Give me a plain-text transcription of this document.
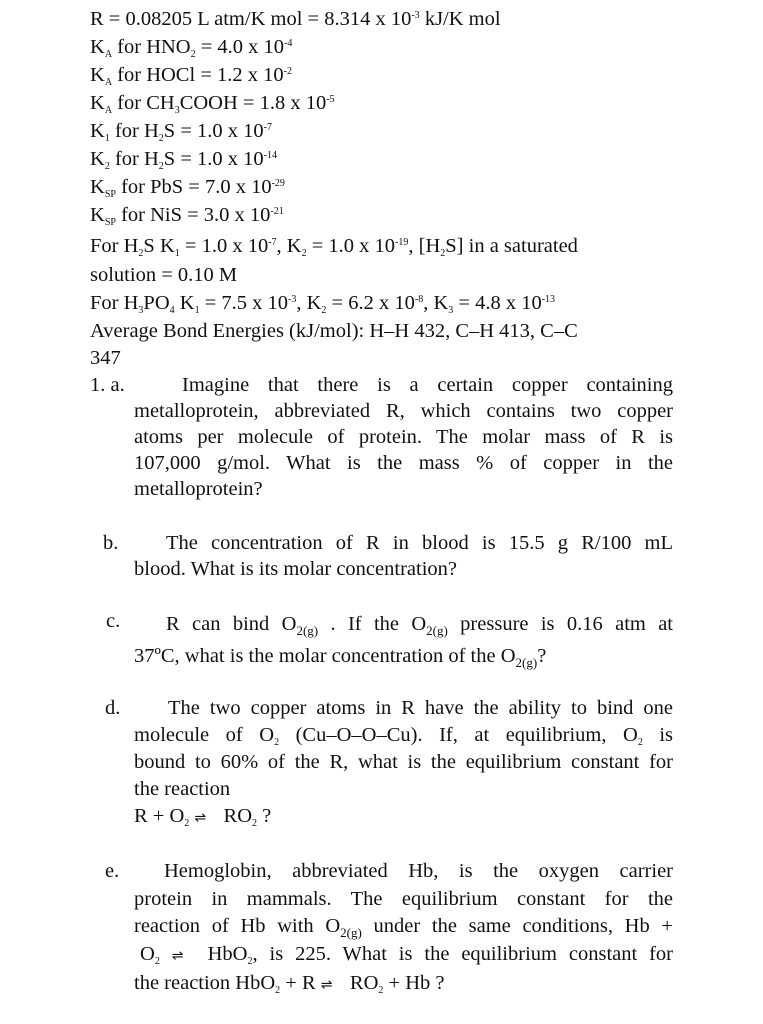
R = 0.08205 L atm/K mol = 8.314 x $10^{-3}$ kJ/K mol
$K_A$ for $HNO_2 = 4.0$ x $10^{-4}$
$K_A$ for HOCl = 1.2 x $10^{-2}$
$K_A$ for $CH_3COOH = 1.8$ x $10^{-5}$
$K_1$ for $H_2S = 1.0$ x $10^{-7}$
$K_2$ for $H_2S = 1.0$ x $10^{-14}$
$K_{SP}$ for PbS = 7.0 x $10^{-29}$
$K_{SP}$ for NiS = 3.0 x $10^{-21}$
For $H_2S$ $K_1 = 1.0$ x $10^{-7}$, $K_2 = 1.0$ x $10^{-19}$, $[H_2S]$ in a saturated
solution = 0.10 M
For $H_3PO_4$ $K_1 = 7.5$ x $10^{-3}$, $K_2 = 6.2$ x $10^{-8}$, $K_3 = 4.8$ x $10^{-13}$
Average Bond Energies (kJ/mol): H–H 432, C–H 413, C–C
347
1. a.	Imagine that there is a certain copper containing
metalloprotein, abbreviated R, which contains two copper
atoms per molecule of protein. The molar mass of R is
107,000 g/mol. What is the mass % of copper in the
metalloprotein?
b.	The concentration of R in blood is 15.5 g R/100 mL
blood. What is its molar concentration?
c.	R can bind $O_{2(g)}$ . If the $O_{2(g)}$ pressure is 0.16 atm at
37ºC, what is the molar concentration of the $O_{2(g)}$?
d.	The two copper atoms in R have the ability to bind one
molecule of $O_2$ (Cu–O–O–Cu). If, at equilibrium, $O_2$ is
bound to 60% of the R, what is the equilibrium constant for
the reaction
$R + O_2$ ⇌ $RO_2$ ?
e.	Hemoglobin, abbreviated Hb, is the oxygen carrier
protein in mammals. The equilibrium constant for the
reaction of Hb with $O_{2(g)}$ under the same conditions, Hb +
$O_2$ ⇌ HbO$_2$, is 225. What is the equilibrium constant for
the reaction HbO$_2$ + R ⇌ $RO_2 + Hb$ ?
